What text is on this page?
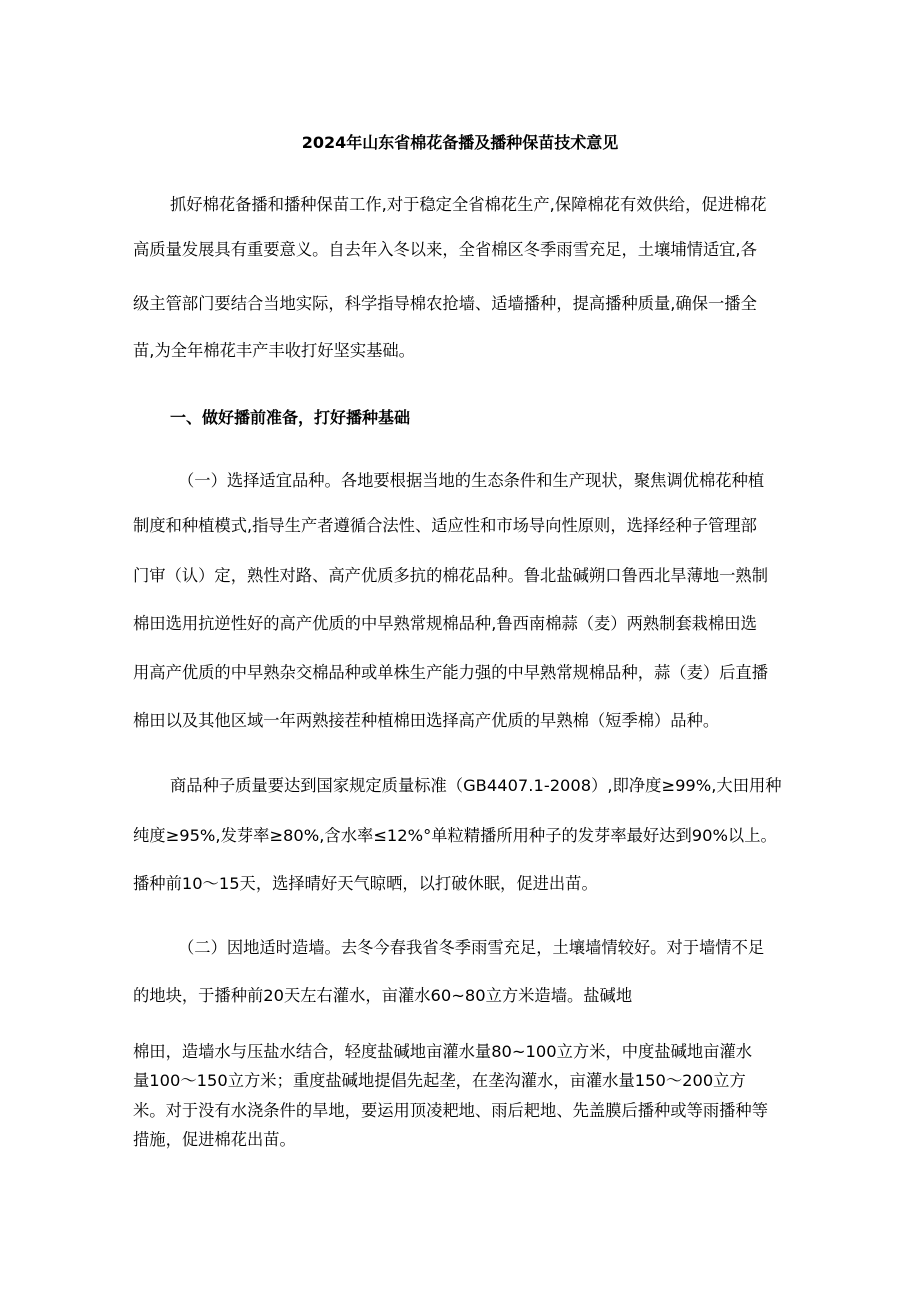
2024年山东省棉花备播及播种保苗技术意见
抓好棉花备播和播种保苗工作,对于稳定全省棉花生产,保障棉花有效供给，促进棉花
高质量发展具有重要意义。自去年入冬以来，全省棉区冬季雨雪充足，土壤埔情适宜,各
级主管部门要结合当地实际，科学指导棉农抢墙、适墙播种，提高播种质量,确保一播全
苗,为全年棉花丰产丰收打好坚实基础。
一、做好播前准备，打好播种基础
（一）选择适宜品种。各地要根据当地的生态条件和生产现状，聚焦调优棉花种植
制度和种植模式,指导生产者遵循合法性、适应性和市场导向性原则，选择经种子管理部
门审（认）定，熟性对路、高产优质多抗的棉花品种。鲁北盐碱朔口鲁西北旱薄地一熟制
棉田选用抗逆性好的高产优质的中早熟常规棉品种,鲁西南棉蒜（麦）两熟制套栽棉田选
用高产优质的中早熟杂交棉品种或单株生产能力强的中早熟常规棉品种，蒜（麦）后直播
棉田以及其他区域一年两熟接茬种植棉田选择高产优质的早熟棉（短季棉）品种。
商品种子质量要达到国家规定质量标准（GB4407.1-2008）,即净度≥99%,大田用种
纯度≥95%,发芽率≥80%,含水率≤12%°单粒精播所用种子的发芽率最好达到90%以上。
播种前10～15天，选择晴好天气晾晒，以打破休眠，促进出苗。
（二）因地适时造墙。去冬今春我省冬季雨雪充足，土壤墙情较好。对于墙情不足
的地块，于播种前20天左右灌水，亩灌水60~80立方米造墙。盐碱地
棉田，造墙水与压盐水结合，轻度盐碱地亩灌水量80~100立方米，中度盐碱地亩灌水
量100～150立方米；重度盐碱地提倡先起垄，在垄沟灌水，亩灌水量150～200立方
米。对于没有水浇条件的旱地，要运用顶凌耙地、雨后耙地、先盖膜后播种或等雨播种等
措施，促进棉花出苗。
